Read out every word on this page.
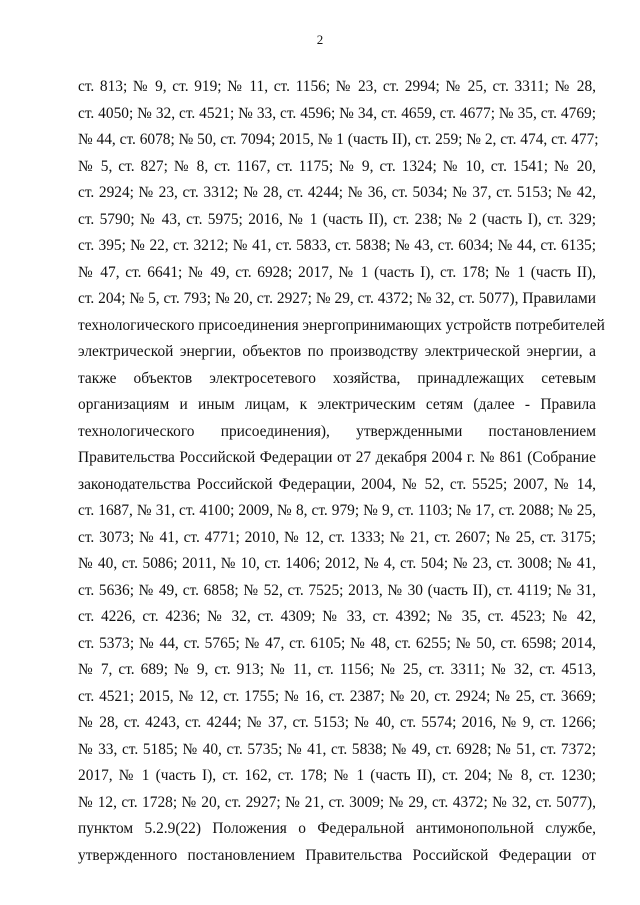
2
ст. 813; № 9, ст. 919; № 11, ст. 1156; № 23, ст. 2994; № 25, ст. 3311; № 28,
ст. 4050; № 32, ст. 4521; № 33, ст. 4596; № 34, ст. 4659, ст. 4677; № 35, ст. 4769;
№ 44, ст. 6078; № 50, ст. 7094; 2015, № 1 (часть II), ст. 259; № 2, ст. 474, ст. 477;
№ 5, ст. 827; № 8, ст. 1167, ст. 1175; № 9, ст. 1324; № 10, ст. 1541; № 20,
ст. 2924; № 23, ст. 3312; № 28, ст. 4244; № 36, ст. 5034; № 37, ст. 5153; № 42,
ст. 5790; № 43, ст. 5975; 2016, № 1 (часть II), ст. 238; № 2 (часть I), ст. 329;
ст. 395; № 22, ст. 3212; № 41, ст. 5833, ст. 5838; № 43, ст. 6034; № 44, ст. 6135;
№ 47, ст. 6641; № 49, ст. 6928; 2017, № 1 (часть I), ст. 178; № 1 (часть II),
ст. 204; № 5, ст. 793; № 20, ст. 2927; № 29, ст. 4372; № 32, ст. 5077), Правилами
технологического присоединения энергопринимающих устройств потребителей
электрической энергии, объектов по производству электрической энергии, а
также объектов электросетевого хозяйства, принадлежащих сетевым
организациям и иным лицам, к электрическим сетям (далее - Правила
технологического присоединения), утвержденными постановлением
Правительства Российской Федерации от 27 декабря 2004 г. № 861 (Собрание
законодательства Российской Федерации, 2004, № 52, ст. 5525; 2007, № 14,
ст. 1687, № 31, ст. 4100; 2009, № 8, ст. 979; № 9, ст. 1103; № 17, ст. 2088; № 25,
ст. 3073; № 41, ст. 4771; 2010, № 12, ст. 1333; № 21, ст. 2607; № 25, ст. 3175;
№ 40, ст. 5086; 2011, № 10, ст. 1406; 2012, № 4, ст. 504; № 23, ст. 3008; № 41,
ст. 5636; № 49, ст. 6858; № 52, ст. 7525; 2013, № 30 (часть II), ст. 4119; № 31,
ст. 4226, ст. 4236; № 32, ст. 4309; № 33, ст. 4392; № 35, ст. 4523; № 42,
ст. 5373; № 44, ст. 5765; № 47, ст. 6105; № 48, ст. 6255; № 50, ст. 6598; 2014,
№ 7, ст. 689; № 9, ст. 913; № 11, ст. 1156; № 25, ст. 3311; № 32, ст. 4513,
ст. 4521; 2015, № 12, ст. 1755; № 16, ст. 2387; № 20, ст. 2924; № 25, ст. 3669;
№ 28, ст. 4243, ст. 4244; № 37, ст. 5153; № 40, ст. 5574; 2016, № 9, ст. 1266;
№ 33, ст. 5185; № 40, ст. 5735; № 41, ст. 5838; № 49, ст. 6928; № 51, ст. 7372;
2017, № 1 (часть I), ст. 162, ст. 178; № 1 (часть II), ст. 204; № 8, ст. 1230;
№ 12, ст. 1728; № 20, ст. 2927; № 21, ст. 3009; № 29, ст. 4372; № 32, ст. 5077),
пунктом 5.2.9(22) Положения о Федеральной антимонопольной службе,
утвержденного постановлением Правительства Российской Федерации от
